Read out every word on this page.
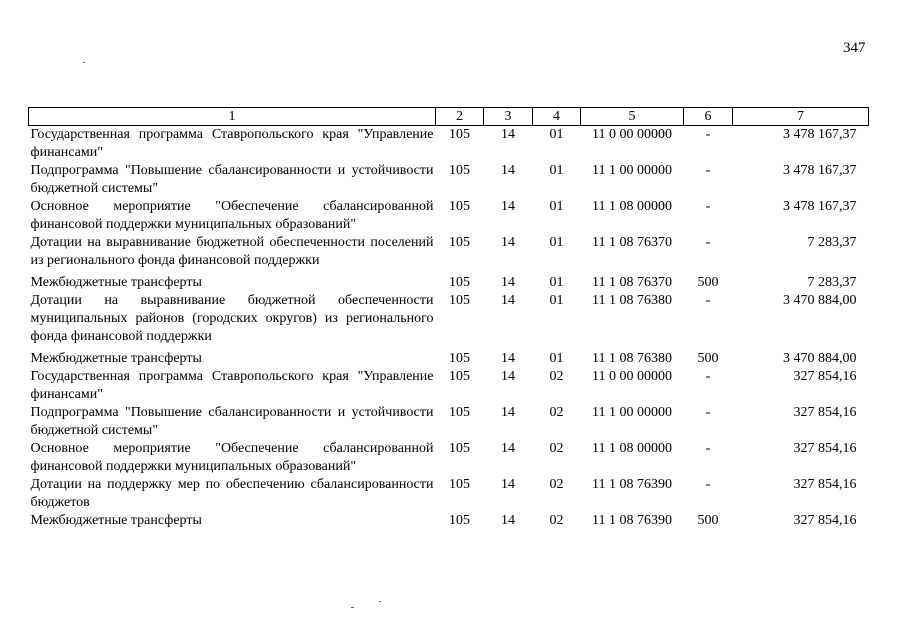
347
1	2	3	4	5	6	7
Государственная программа Ставропольского края "Управление финансами"	105	14	01	11 0 00 00000	-	3 478 167,37
Подпрограмма "Повышение сбалансированности и устойчивости бюджетной системы"	105	14	01	11 1 00 00000	-	3 478 167,37
Основное мероприятие "Обеспечение сбалансированной финансовой поддержки муниципальных образований"	105	14	01	11 1 08 00000	-	3 478 167,37
Дотации на выравнивание бюджетной обеспеченности поселений из регионального фонда финансовой поддержки	105	14	01	11 1 08 76370	-	7 283,37
Межбюджетные трансферты	105	14	01	11 1 08 76370	500	7 283,37
Дотации на выравнивание бюджетной обеспеченности муниципальных районов (городских округов) из регионального фонда финансовой поддержки	105	14	01	11 1 08 76380	-	3 470 884,00
Межбюджетные трансферты	105	14	01	11 1 08 76380	500	3 470 884,00
Государственная программа Ставропольского края "Управление финансами"	105	14	02	11 0 00 00000	-	327 854,16
Подпрограмма "Повышение сбалансированности и устойчивости бюджетной системы"	105	14	02	11 1 00 00000	-	327 854,16
Основное мероприятие "Обеспечение сбалансированной финансовой поддержки муниципальных образований"	105	14	02	11 1 08 00000	-	327 854,16
Дотации на поддержку мер по обеспечению сбалансированности бюджетов	105	14	02	11 1 08 76390	-	327 854,16
Межбюджетные трансферты	105	14	02	11 1 08 76390	500	327 854,16
